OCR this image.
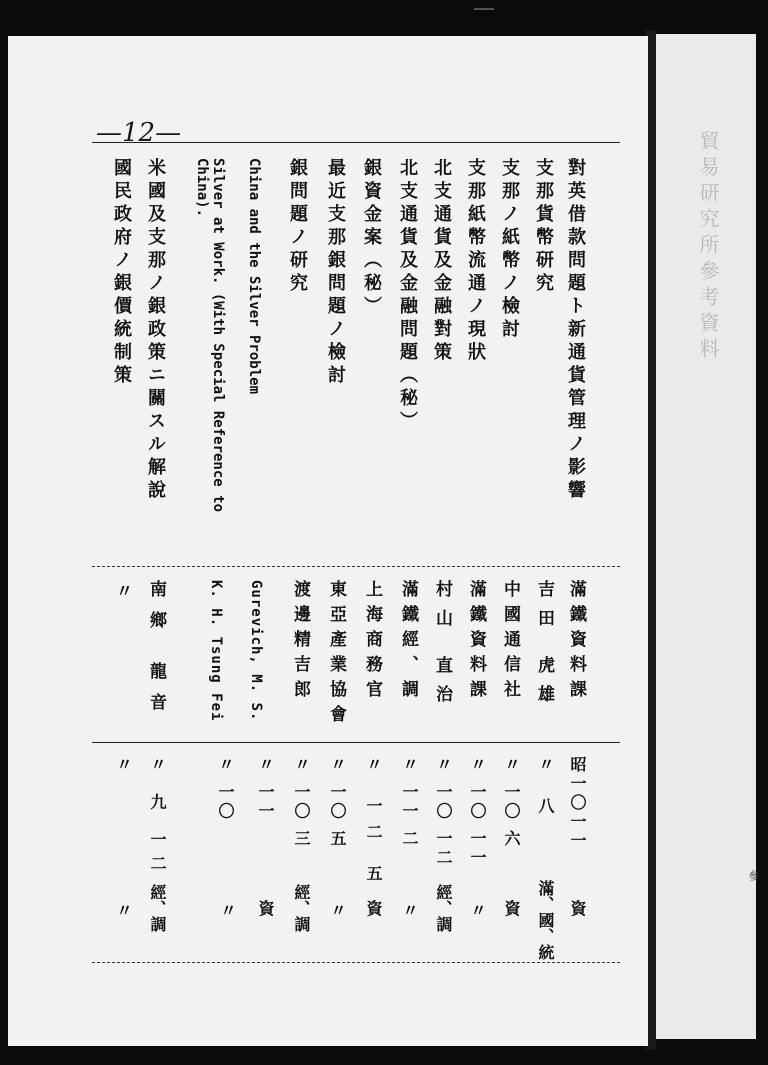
貿易研究所參考資料
參
—12—
對英借款問題ト新通貨管理ノ影響
支那貨幣研究
支那ノ紙幣ノ檢討
支那紙幣流通ノ現狀
北支通貨及金融對策
北支通貨及金融問題（秘）
銀資金案（秘）
最近支那銀問題ノ檢討
銀問題ノ研究
China and the Silver Problem
Silver at Work. (With Special Reference to China).
米國及支那ノ銀政策ニ關スル解說
國民政府ノ銀價統制策
滿鐵資料課
吉田 虎雄
中國通信社
滿鐵資料課
村山 直治
滿鐵經、調
上海商務官
東亞產業協會
渡邊精吉郎
Gurevich, M. S.
K. H. Tsung Fei
南鄉 龍音
〃
昭一〇一一
〃 八
〃 一〇 六
〃 一〇 一一
〃 一〇 一二
〃 一一 二
〃 一二 五
〃 一〇 五
〃 一〇 三
〃 一一
〃 一〇
〃 九 一二
〃
資
滿、國、統
資
〃
經、調
〃
資
〃
經、調
資
〃
經、調
〃
